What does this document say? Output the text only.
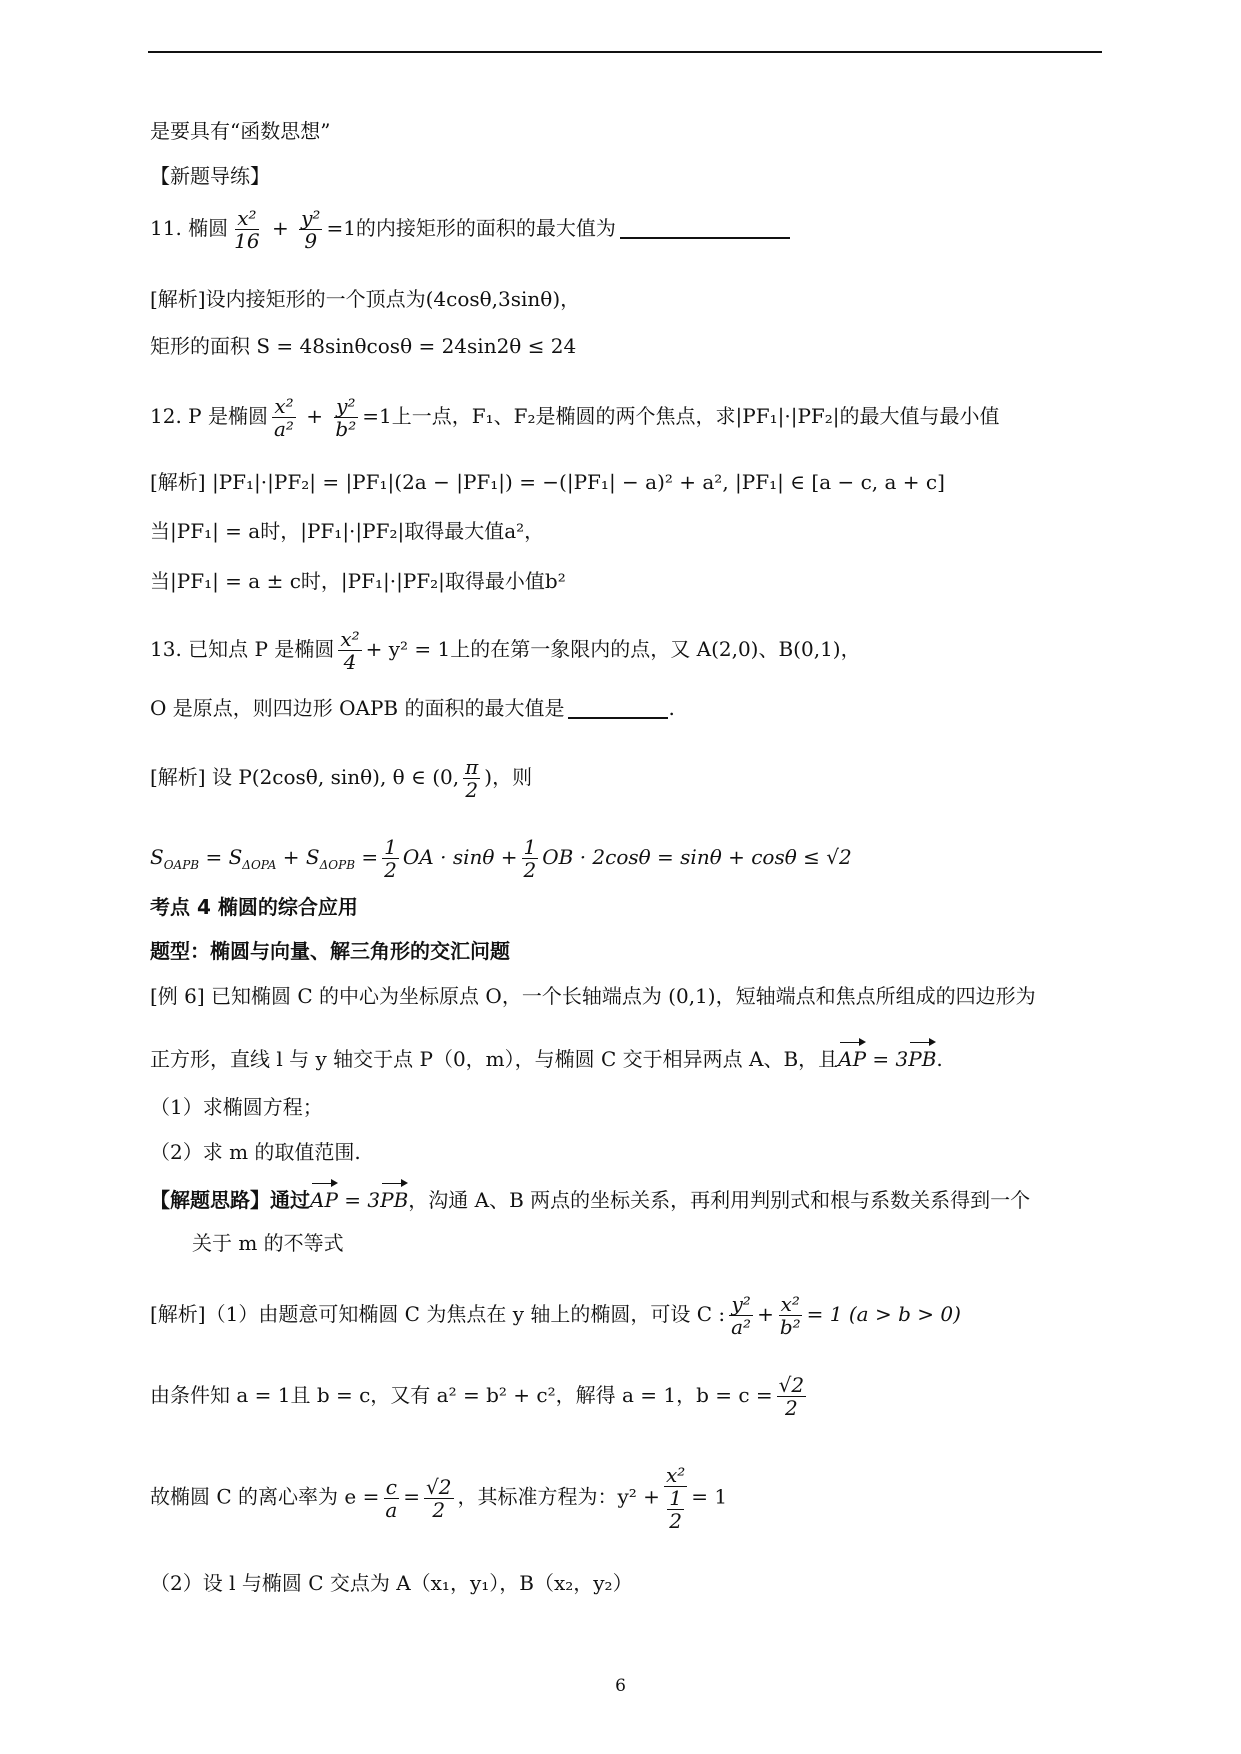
是要具有“函数思想”
【新题导练】
11. 椭圆 $\frac{\text{x²}}{16} + \frac{\text{y²}}{9} =1$的内接矩形的面积的最大值为
[解析]设内接矩形的一个顶点为(4cosθ,3sinθ)，
矩形的面积 S = 48sinθcosθ = 24sin2θ ≤ 24
12. P 是椭圆 $\frac{\text{x²}}{\text{a²}} + \frac{\text{y²}}{\text{b²}} =1$上一点，F₁、F₂是椭圆的两个焦点，求|PF₁|·|PF₂|的最大值与最小值
[解析] |PF₁|·|PF₂| = |PF₁|(2a − |PF₁|) = −(|PF₁| − a)² + a², |PF₁| ∈ [a − c, a + c]
当|PF₁| = a时，|PF₁|·|PF₂|取得最大值a²，
当|PF₁| = a ± c时，|PF₁|·|PF₂|取得最小值b²
13. 已知点 P 是椭圆 $\frac{\text{x²}}{4} + y^2 = 1$上的在第一象限内的点，又 A(2,0)、B(0,1)，
O 是原点，则四边形 OAPB 的面积的最大值是	.
[解析] 设 P(2cosθ, sinθ), θ ∈ (0, $\frac{\pi}{2}$ )，则
$S_{OAPB} = S_{\Delta OPA} + S_{\Delta OPB} = \frac{1}{2}$ OA · $\sin\theta + \frac{1}{2}$ OB · 2cosθ = sinθ + cosθ ≤ √2
考点 4 椭圆的综合应用
题型：椭圆与向量、解三角形的交汇问题
[例 6] 已知椭圆 C 的中心为坐标原点 O，一个长轴端点为 (0,1)，短轴端点和焦点所组成的四边形为
正方形，直线 l 与 y 轴交于点 P（0，m），与椭圆 C 交于相异两点 A、B，且AP = 3PB.
（1）求椭圆方程；
（2）求 m 的取值范围.
【解题思路】通过AP = 3PB，沟通 A、B 两点的坐标关系，再利用判别式和根与系数关系得到一个
关于 m 的不等式
[解析]（1）由题意可知椭圆 C 为焦点在 y 轴上的椭圆，可设 C : $\frac{\text{y²}}{\text{a²}} + \frac{\text{x²}}{\text{b²}} = 1$ (a > b > 0)
由条件知 a = 1且 b = c，又有 a² = b² + c²，解得 a = 1，$b = c = \frac{√2}{2}$
故椭圆 C 的离心率为 $e = \frac{c}{a} = \frac{√2}{2}$ ，其标准方程为：$y^2 + \frac{\text{x²}}{\frac{1}{2}} = 1$
（2）设 l 与椭圆 C 交点为 A（x₁，y₁），B（x₂，y₂）
6
